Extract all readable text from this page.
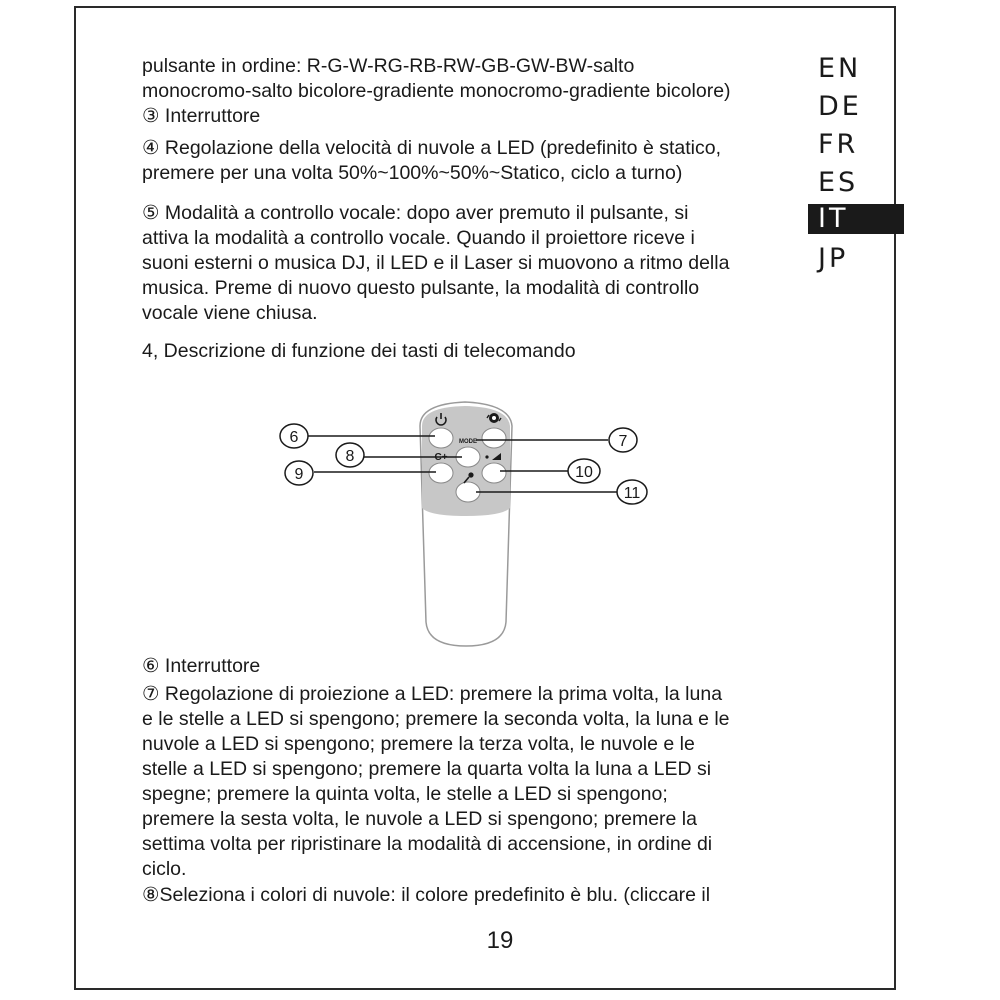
pulsante in ordine: R-G-W-RG-RB-RW-GB-GW-BW-salto
monocromo-salto bicolore-gradiente monocromo-gradiente bicolore)

③ Interruttore

④ Regolazione della velocità di nuvole a LED (predefinito è statico,
premere per una volta 50%~100%~50%~Statico, ciclo a turno)

⑤ Modalità a controllo vocale: dopo aver premuto il pulsante, si
attiva la modalità a controllo vocale. Quando il proiettore riceve i
suoni esterni o musica DJ, il LED e il Laser si muovono a ritmo della
musica. Preme di nuovo questo pulsante, la modalità di controllo
vocale viene chiusa.

4, Descrizione di funzione dei tasti di telecomando

EN
DE
FR
ES
IT
JP
MODE
C+
6	7
8
9	10
11

⑥ Interruttore

⑦ Regolazione di proiezione a LED: premere la prima volta, la luna
e le stelle a LED si spengono; premere la seconda volta, la luna e le
nuvole a LED si spengono; premere la terza volta, le nuvole e le
stelle a LED si spengono; premere la quarta volta la luna a LED si
spegne; premere la quinta volta, le stelle a LED si spengono;
premere la sesta volta, le nuvole a LED si spengono; premere la
settima volta per ripristinare la modalità di accensione, in ordine di
ciclo.

⑧Seleziona i colori di nuvole: il colore predefinito è blu. (cliccare il

19
